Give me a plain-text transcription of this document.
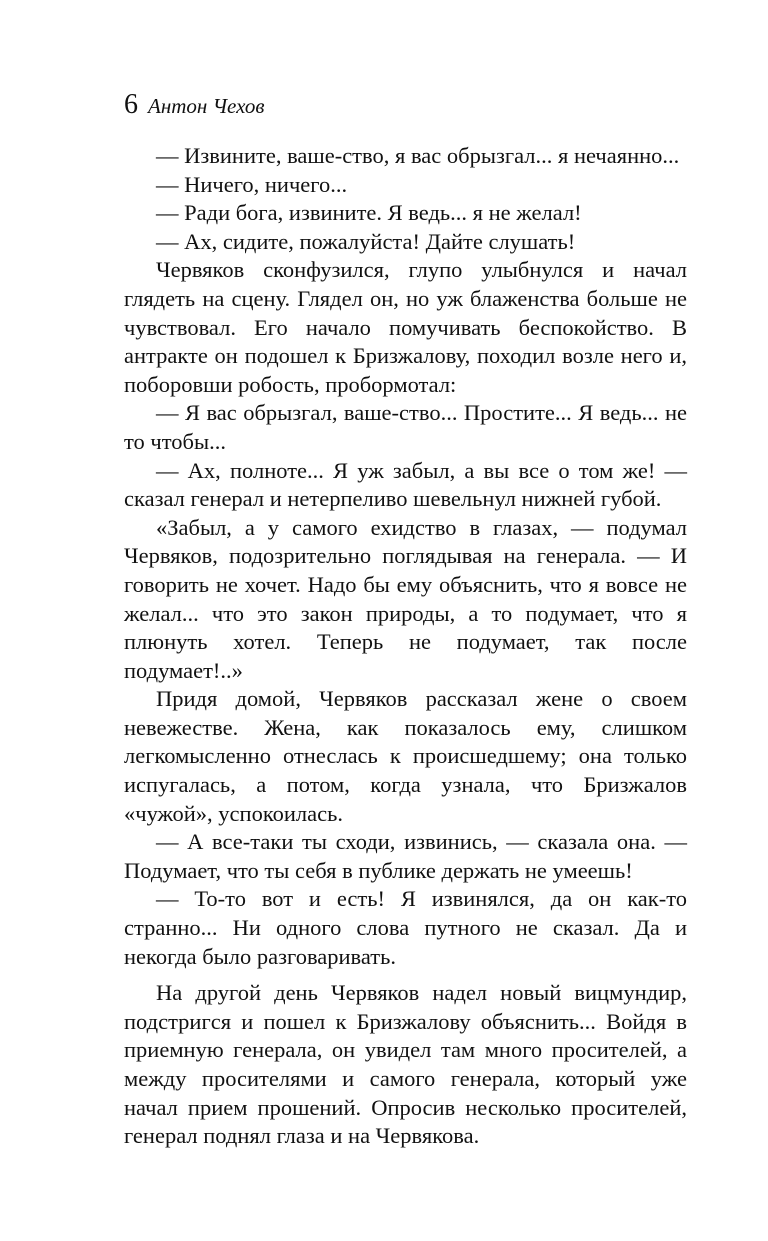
6 Антон Чехов

— Извините, ваше-ство, я вас обрызгал... я нечаянно...

— Ничего, ничего...

— Ради бога, извините. Я ведь... я не желал!

— Ах, сидите, пожалуйста! Дайте слушать!

Червяков сконфузился, глупо улыбнулся и начал глядеть на сцену. Глядел он, но уж блаженства больше не чувствовал. Его начало помучивать беспокойство. В антракте он подошел к Бризжалову, походил возле него и, поборовши робость, пробормотал:

— Я вас обрызгал, ваше-ство... Простите... Я ведь... не то чтобы...

— Ах, полноте... Я уж забыл, а вы все о том же! — сказал генерал и нетерпеливо шевельнул нижней губой.

«Забыл, а у самого ехидство в глазах, — подумал Червяков, подозрительно поглядывая на генерала. — И говорить не хочет. Надо бы ему объяснить, что я вовсе не желал... что это закон природы, а то подумает, что я плюнуть хотел. Теперь не подумает, так после подумает!..»

Придя домой, Червяков рассказал жене о своем невежестве. Жена, как показалось ему, слишком легкомысленно отнеслась к происшедшему; она только испугалась, а потом, когда узнала, что Бризжалов «чужой», успокоилась.

— А все-таки ты сходи, извинись, — сказала она. — Подумает, что ты себя в публике держать не умеешь!

— То-то вот и есть! Я извинялся, да он как-то странно... Ни одного слова путного не сказал. Да и некогда было разговаривать.

На другой день Червяков надел новый вицмундир, подстригся и пошел к Бризжалову объяснить... Войдя в приемную генерала, он увидел там много просителей, а между просителями и самого генерала, который уже начал прием прошений. Опросив несколько просителей, генерал поднял глаза и на Червякова.
